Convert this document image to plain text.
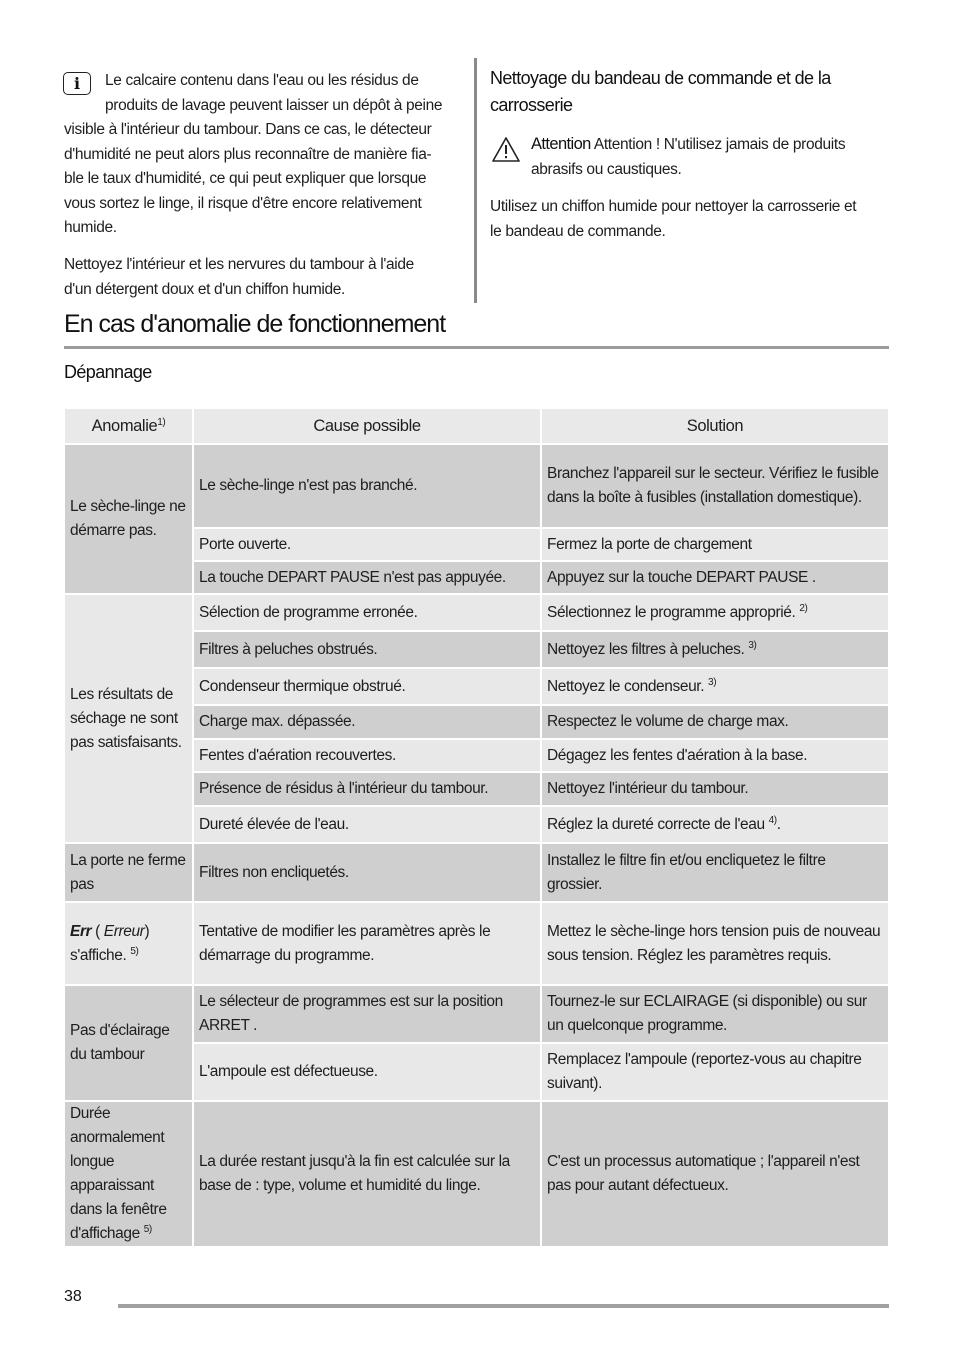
i	Le calcaire contenu dans l'eau ou les résidus de
produits de lavage peuvent laisser un dépôt à peine
visible à l'intérieur du tambour. Dans ce cas, le détecteur
d'humidité ne peut alors plus reconnaître de manière fia-
ble le taux d'humidité, ce qui peut expliquer que lorsque
vous sortez le linge, il risque d'être encore relativement
humide.
Nettoyez l'intérieur et les nervures du tambour à l'aide
d'un détergent doux et d'un chiffon humide.
Nettoyage du bandeau de commande et de la
carrosserie
Attention Attention ! N'utilisez jamais de produits
abrasifs ou caustiques.
Utilisez un chiffon humide pour nettoyer la carrosserie et
le bandeau de commande.
En cas d'anomalie de fonctionnement
Dépannage
Anomalie$^{1)}$	Cause possible	Solution
Le sèche-linge ne démarre pas.	Le sèche-linge n'est pas branché.	Branchez l'appareil sur le secteur. Vérifiez le fusible dans la boîte à fusibles (installation domestique).
	Porte ouverte.	Fermez la porte de chargement
	La touche DEPART PAUSE n'est pas appuyée.	Appuyez sur la touche DEPART PAUSE .
Les résultats de séchage ne sont pas satisfaisants.	Sélection de programme erronée.	Sélectionnez le programme approprié. $^{2)}$
	Filtres à peluches obstrués.	Nettoyez les filtres à peluches. $^{3)}$
	Condenseur thermique obstrué.	Nettoyez le condenseur. $^{3)}$
	Charge max. dépassée.	Respectez le volume de charge max.
	Fentes d'aération recouvertes.	Dégagez les fentes d'aération à la base.
	Présence de résidus à l'intérieur du tambour.	Nettoyez l'intérieur du tambour.
	Dureté élevée de l'eau.	Réglez la dureté correcte de l'eau $^{4)}$.
La porte ne ferme pas	Filtres non encliquetés.	Installez le filtre fin et/ou encliquetez le filtre grossier.
Err ( Erreur) s'affiche. $^{5)}$	Tentative de modifier les paramètres après le démarrage du programme.	Mettez le sèche-linge hors tension puis de nouveau sous tension. Réglez les paramètres requis.
Pas d'éclairage du tambour	Le sélecteur de programmes est sur la position ARRET .	Tournez-le sur ECLAIRAGE (si disponible) ou sur un quelconque programme.
	L'ampoule est défectueuse.	Remplacez l'ampoule (reportez-vous au chapitre suivant).
Durée anormalement longue apparaissant dans la fenêtre d'affichage $^{5)}$	La durée restant jusqu'à la fin est calculée sur la base de : type, volume et humidité du linge.	C'est un processus automatique ; l'appareil n'est pas pour autant défectueux.
38
